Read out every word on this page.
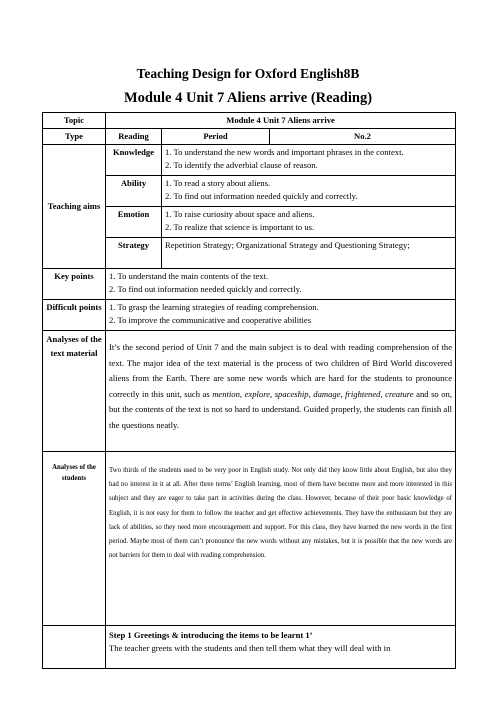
Teaching Design for Oxford English8B
Module 4 Unit 7 Aliens arrive (Reading)
Topic	Module 4 Unit 7 Aliens arrive		
Type	Reading	Period	No.2
Teaching aims	Knowledge	1. To understand the new words and important phrases in the context.
2. To identify the adverbial clause of reason.	

	Ability	1. To read a story about aliens.
2. To find out information needed quickly and correctly.	

	Emotion	1. To raise curiosity about space and aliens.
2. To realize that science is important to us.	

	Strategy	Repetition Strategy; Organizational Strategy and Questioning Strategy;	

Key points	1. To understand the main contents of the text.
2. To find out information needed quickly and correctly.		

Difficult points	1. To grasp the learning strategies of reading comprehension.
2. To improve the communicative and cooperative abilities		

Analyses of the text material	It’s the second period of Unit 7 and the main subject is to deal with reading comprehension of the text. The major idea of the text material is the process of two children of Bird World discovered aliens from the Earth. There are some new words which are hard for the students to pronounce correctly in this unit, such as mention, explore, spaceship, damage, frightened, creature and so on, but the contents of the text is not so hard to understand. Guided properly, the students can finish all the questions neatly.		
Analyses of the students	Two thirds of the students used to be very poor in English study. Not only did they know little about English, but also they had no interest in it at all. After three terms’ English learning, most of them have become more and more interested in this subject and they are eager to take part in activities during the class. However, because of their poor basic knowledge of English, it is not easy for them to follow the teacher and get effective achievements. They have the enthusiasm but they are lack of abilities, so they need more encouragement and support. For this class, they have learned the new words in the first period. Maybe most of them can’t pronounce the new words without any mistakes, but it is possible that the new words are not barriers for them to deal with reading comprehension.		

	Step 1 Greetings & introducing the items to be learnt 1’
The teacher greets with the students and then tell them what they will deal with in		
